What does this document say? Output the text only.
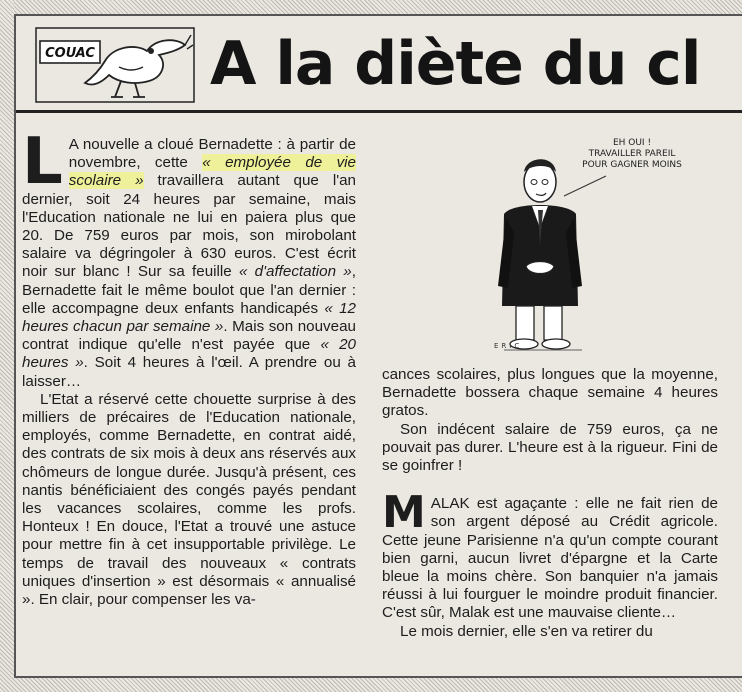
COUAC A la diète du cl

L A nouvelle a cloué Bernadette : à partir de novembre, cette « employée de vie scolaire » travaillera autant que l'an dernier, soit 24 heures par semaine, mais l'Education nationale ne lui en paiera plus que 20. De 759 euros par mois, son mirobolant salaire va dégringoler à 630 euros. C'est écrit noir sur blanc ! Sur sa feuille « d'affectation », Bernadette fait le même boulot que l'an dernier : elle accompagne deux enfants handicapés « 12 heures chacun par semaine ». Mais son nouveau contrat indique qu'elle n'est payée que « 20 heures ». Soit 4 heures à l'œil. A prendre ou à laisser…

L'Etat a réservé cette chouette surprise à des milliers de précaires de l'Education nationale, employés, comme Bernadette, en contrat aidé, des contrats de six mois à deux ans réservés aux chômeurs de longue durée. Jusqu'à présent, ces nantis bénéficiaient des congés payés pendant les vacances scolaires, comme les profs. Honteux ! En douce, l'Etat a trouvé une astuce pour mettre fin à cet insupportable privilège. Le temps de travail des nouveaux « contrats uniques d'insertion » est désormais « annualisé ». En clair, pour compenser les va-

ERIC
EH OUI !
TRAVAILLER PAREIL
POUR GAGNER MOINS

cances scolaires, plus longues que la moyenne, Bernadette bossera chaque semaine 4 heures gratos.

Son indécent salaire de 759 euros, ça ne pouvait pas durer. L'heure est à la rigueur. Fini de se goinfrer !

MALAK est agaçante : elle ne fait rien de son argent déposé au Crédit agricole. Cette jeune Parisienne n'a qu'un compte courant bien garni, aucun livret d'épargne et la Carte bleue la moins chère. Son banquier n'a jamais réussi à lui fourguer le moindre produit financier. C'est sûr, Malak est une mauvaise cliente…

Le mois dernier, elle s'en va retirer du
